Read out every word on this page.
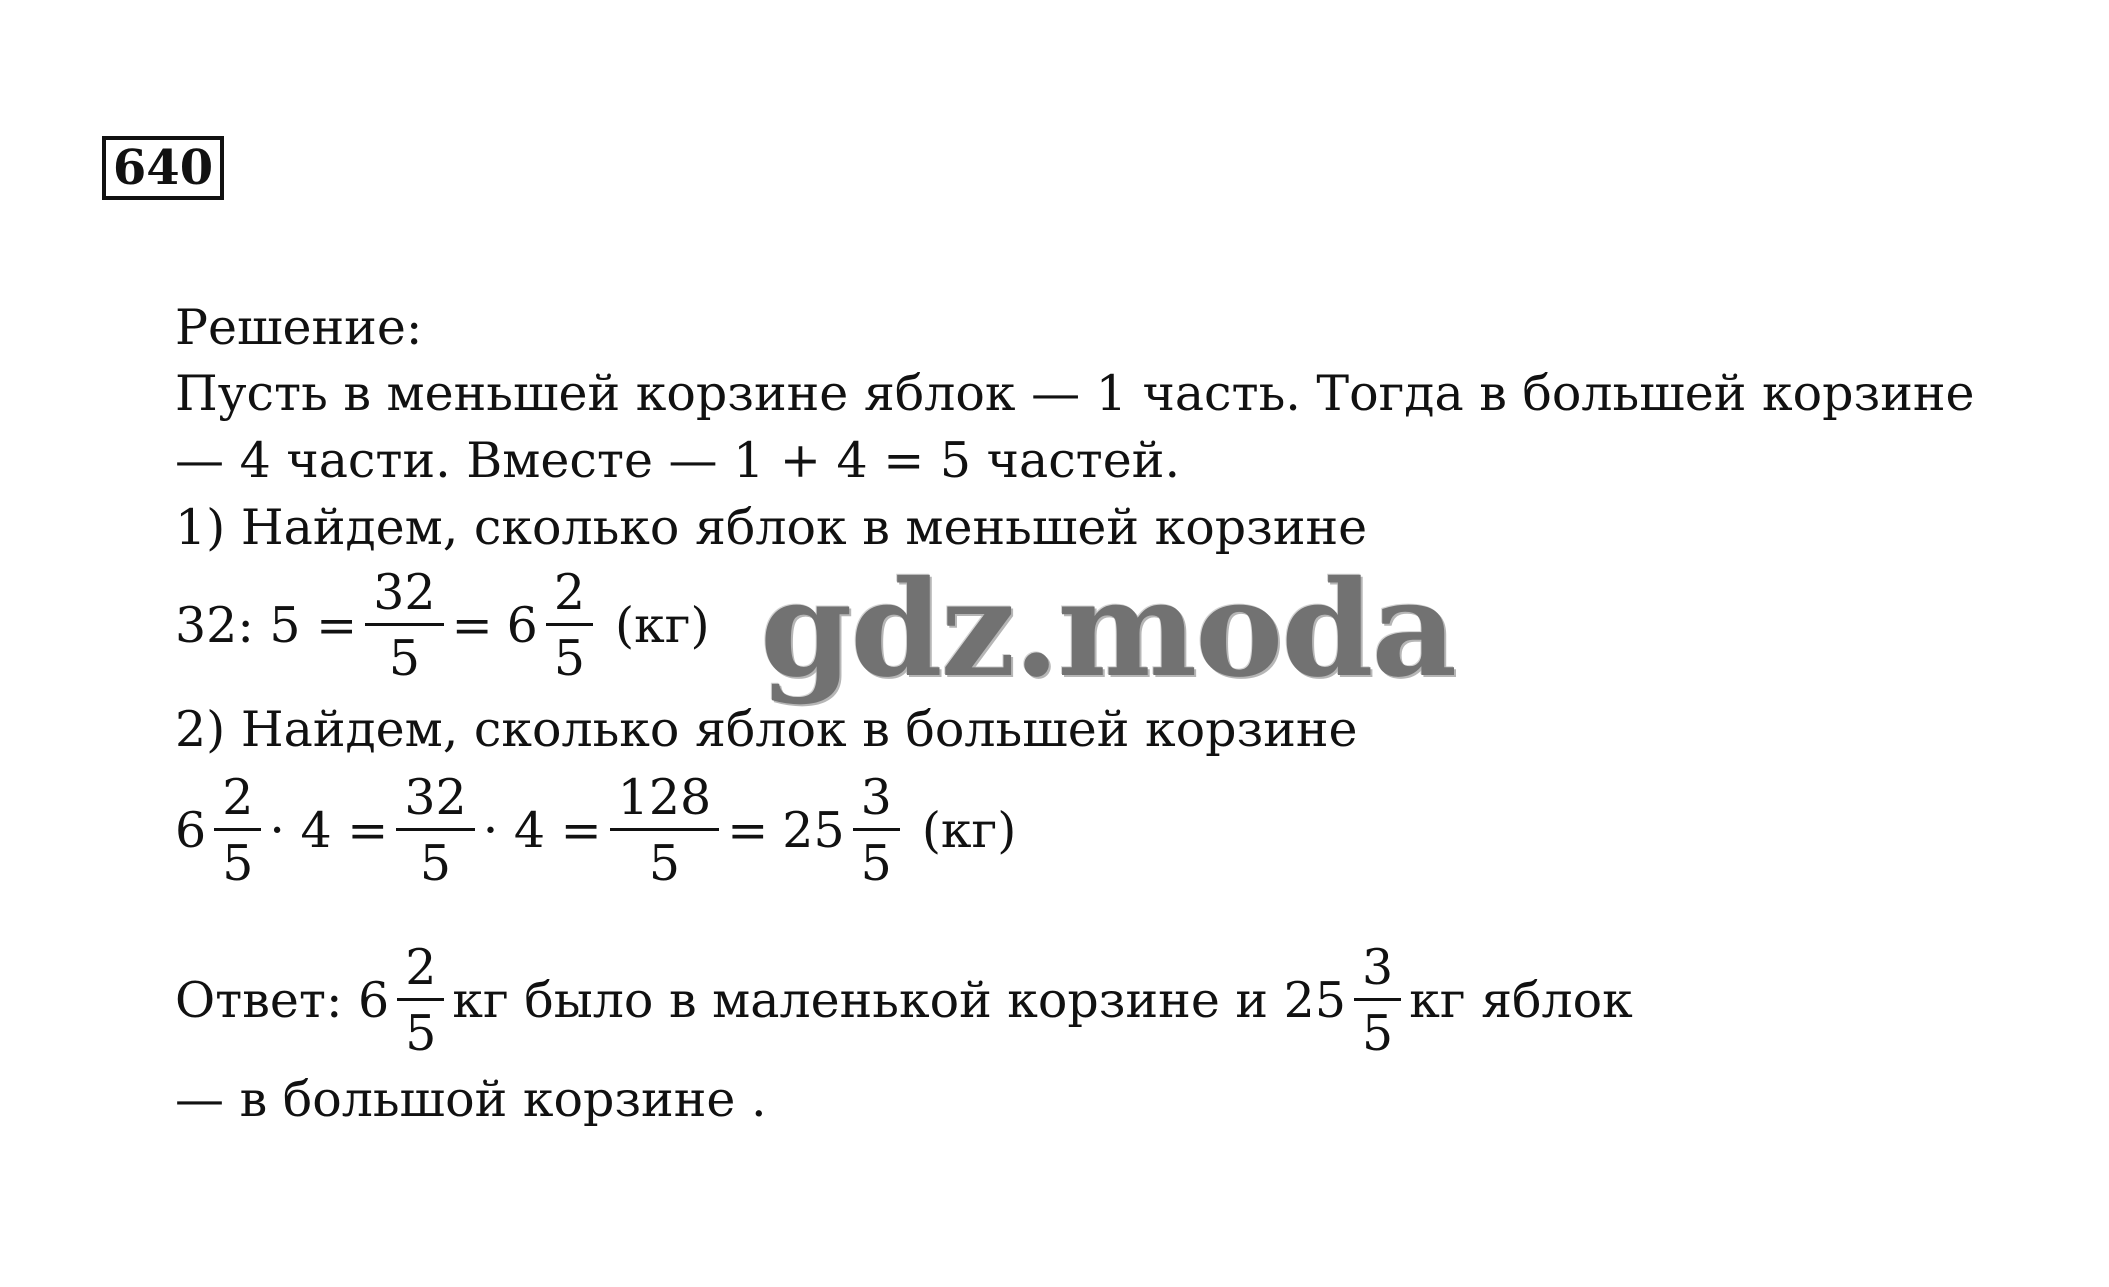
640
Решение:
Пусть в меньшей корзине яблок — 1 часть. Тогда в большей корзине
— 4 части. Вместе — 1 + 4 = 5 частей.
1) Найдем, сколько яблок в меньшей корзине
32: $5 = \frac{32}{5} = 6 \frac{2}{5} (кг)$
2) Найдем, сколько яблок в большей корзине
$6 \frac{2}{5} \cdot 4 = \frac{32}{5} \cdot 4 = \frac{128}{5} = 25 \frac{3}{5} (кг)$
Ответ: $6 \frac{2}{5}$ кг было в маленькой корзине и $25 \frac{3}{5}$ кг яблок
— в большой корзине .
gdz.moda
